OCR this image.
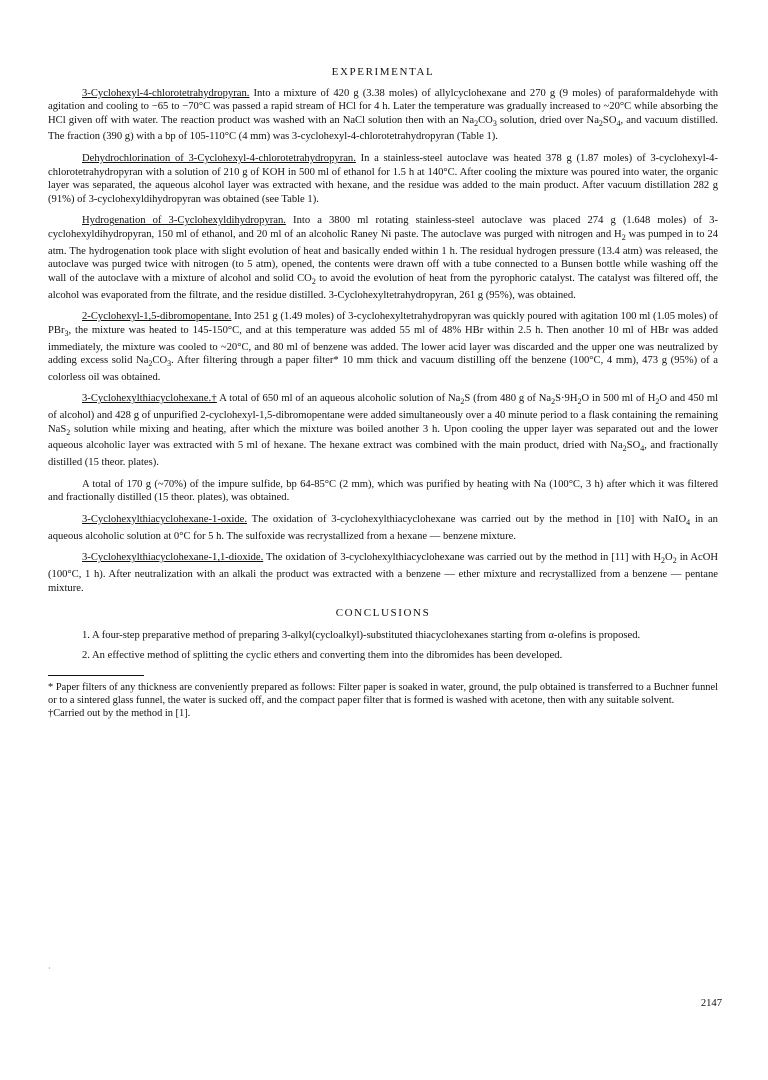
EXPERIMENTAL

3-Cyclohexyl-4-chlorotetrahydropyran. Into a mixture of 420 g (3.38 moles) of allylcyclohexane and 270 g (9 moles) of paraformaldehyde with agitation and cooling to −65 to −70°C was passed a rapid stream of HCl for 4 h. Later the temperature was gradually increased to ~20°C while absorbing the HCl given off with water. The reaction product was washed with an NaCl solution then with an $Na_2CO_3$ solution, dried over $Na_2SO_4$, and vacuum distilled. The fraction (390 g) with a bp of 105-110°C (4 mm) was 3-cyclohexyl-4-chlorotetrahydropyran (Table 1).

Dehydrochlorination of 3-Cyclohexyl-4-chlorotetrahydropyran. In a stainless-steel autoclave was heated 378 g (1.87 moles) of 3-cyclohexyl-4-chlorotetrahydropyran with a solution of 210 g of KOH in 500 ml of ethanol for 1.5 h at 140°C. After cooling the mixture was poured into water, the organic layer was separated, the aqueous alcohol layer was extracted with hexane, and the residue was added to the main product. After vacuum distillation 282 g (91%) of 3-cyclohexyldihydropyran was obtained (see Table 1).

Hydrogenation of 3-Cyclohexyldihydropyran. Into a 3800 ml rotating stainless-steel autoclave was placed 274 g (1.648 moles) of 3-cyclohexyldihydropyran, 150 ml of ethanol, and 20 ml of an alcoholic Raney Ni paste. The autoclave was purged with nitrogen and $H_2$ was pumped in to 24 atm. The hydrogenation took place with slight evolution of heat and basically ended within 1 h. The residual hydrogen pressure (13.4 atm) was released, the autoclave was purged twice with nitrogen (to 5 atm), opened, the contents were drawn off with a tube connected to a Bunsen bottle while washing off the wall of the autoclave with a mixture of alcohol and solid $CO_2$ to avoid the evolution of heat from the pyrophoric catalyst. The catalyst was filtered off, the alcohol was evaporated from the filtrate, and the residue distilled. 3-Cyclohexyltetrahydropyran, 261 g (95%), was obtained.

2-Cyclohexyl-1,5-dibromopentane. Into 251 g (1.49 moles) of 3-cyclohexyltetrahydropyran was quickly poured with agitation 100 ml (1.05 moles) of PBr$_3$, the mixture was heated to 145-150°C, and at this temperature was added 55 ml of 48% HBr within 2.5 h. Then another 10 ml of HBr was added immediately, the mixture was cooled to ~20°C, and 80 ml of benzene was added. The lower acid layer was discarded and the upper one was neutralized by adding excess solid $Na_2CO_3$. After filtering through a paper filter* 10 mm thick and vacuum distilling off the benzene (100°C, 4 mm), 473 g (95%) of a colorless oil was obtained.

3-Cyclohexylthiacyclohexane.† A total of 650 ml of an aqueous alcoholic solution of $Na_2S$ (from 480 g of $Na_2S\cdot 9H_2O$ in 500 ml of $H_2O$ and 450 ml of alcohol) and 428 g of unpurified 2-cyclohexyl-1,5-dibromopentane were added simultaneously over a 40 minute period to a flask containing the remaining NaS$_2$ solution while mixing and heating, after which the mixture was boiled another 3 h. Upon cooling the upper layer was separated out and the lower aqueous alcoholic layer was extracted with 5 ml of hexane. The hexane extract was combined with the main product, dried with $Na_2SO_4$, and fractionally distilled (15 theor. plates).

A total of 170 g (~70%) of the impure sulfide, bp 64-85°C (2 mm), which was purified by heating with Na (100°C, 3 h) after which it was filtered and fractionally distilled (15 theor. plates), was obtained.

3-Cyclohexylthiacyclohexane-1-oxide. The oxidation of 3-cyclohexylthiacyclohexane was carried out by the method in [10] with NaIO$_4$ in an aqueous alcoholic solution at 0°C for 5 h. The sulfoxide was recrystallized from a hexane — benzene mixture.

3-Cyclohexylthiacyclohexane-1,1-dioxide. The oxidation of 3-cyclohexylthiacyclohexane was carried out by the method in [11] with $H_2O_2$ in AcOH (100°C, 1 h). After neutralization with an alkali the product was extracted with a benzene — ether mixture and recrystallized from a benzene — pentane mixture.

CONCLUSIONS

1. A four-step preparative method of preparing 3-alkyl(cycloalkyl)-substituted thiacyclohexanes starting from α-olefins is proposed.

2. An effective method of splitting the cyclic ethers and converting them into the dibromides has been developed.

* Paper filters of any thickness are conveniently prepared as follows: Filter paper is soaked in water, ground, the pulp obtained is transferred to a Buchner funnel or to a sintered glass funnel, the water is sucked off, and the compact paper filter that is formed is washed with acetone, then with any suitable solvent.

†Carried out by the method in [1].

·
2147
